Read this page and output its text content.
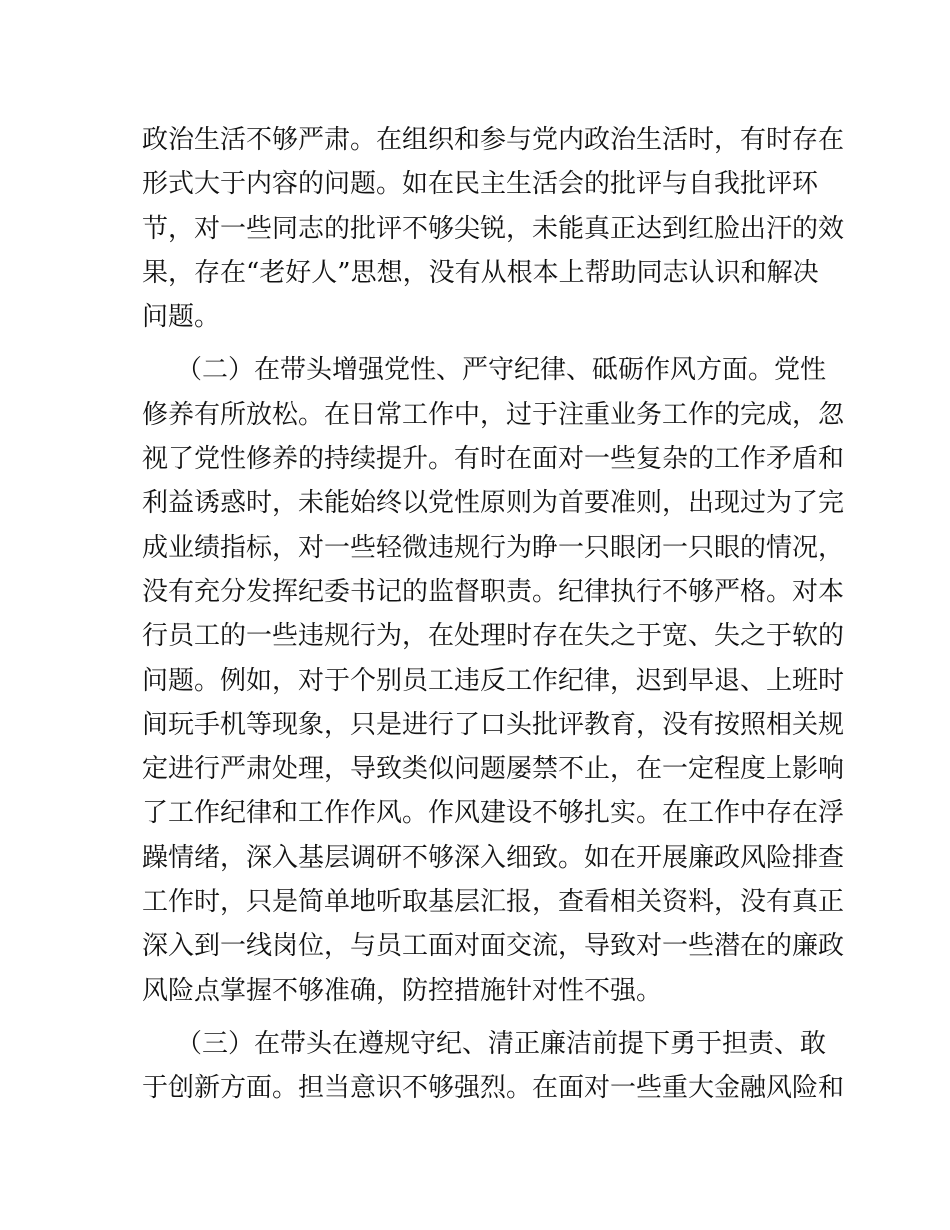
政治生活不够严肃。在组织和参与党内政治生活时，有时存在
形式大于内容的问题。如在民主生活会的批评与自我批评环
节，对一些同志的批评不够尖锐，未能真正达到红脸出汗的效
果，存在“老好人”思想，没有从根本上帮助同志认识和解决
问题。
（二）在带头增强党性、严守纪律、砥砺作风方面。党性
修养有所放松。在日常工作中，过于注重业务工作的完成，忽
视了党性修养的持续提升。有时在面对一些复杂的工作矛盾和
利益诱惑时，未能始终以党性原则为首要准则，出现过为了完
成业绩指标，对一些轻微违规行为睁一只眼闭一只眼的情况，
没有充分发挥纪委书记的监督职责。纪律执行不够严格。对本
行员工的一些违规行为，在处理时存在失之于宽、失之于软的
问题。例如，对于个别员工违反工作纪律，迟到早退、上班时
间玩手机等现象，只是进行了口头批评教育，没有按照相关规
定进行严肃处理，导致类似问题屡禁不止，在一定程度上影响
了工作纪律和工作作风。作风建设不够扎实。在工作中存在浮
躁情绪，深入基层调研不够深入细致。如在开展廉政风险排查
工作时，只是简单地听取基层汇报，查看相关资料，没有真正
深入到一线岗位，与员工面对面交流，导致对一些潜在的廉政
风险点掌握不够准确，防控措施针对性不强。
（三）在带头在遵规守纪、清正廉洁前提下勇于担责、敢
于创新方面。担当意识不够强烈。在面对一些重大金融风险和
